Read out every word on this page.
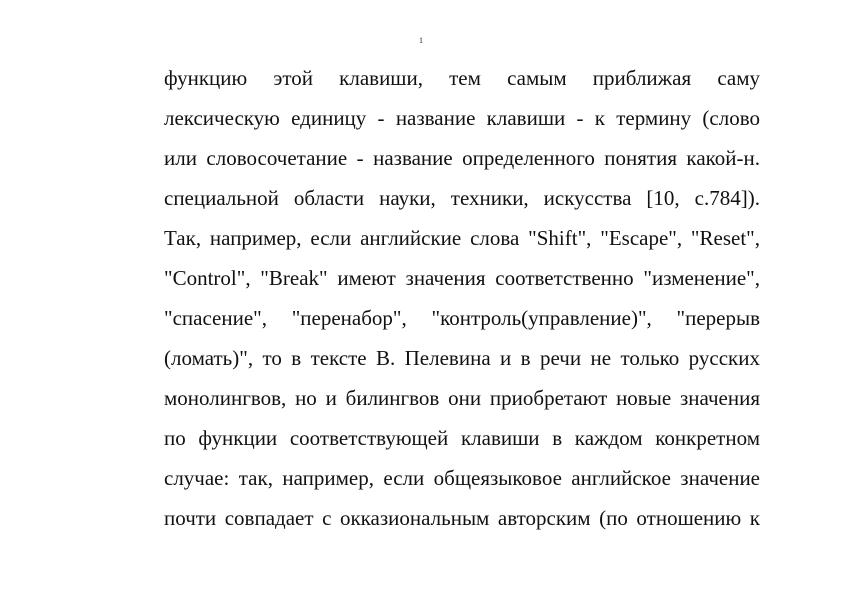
1
функцию этой клавиши, тем самым приближая саму
лексическую единицу - название клавиши - к термину (слово
или словосочетание - название определенного понятия какой-н.
специальной области науки, техники, искусства [10, с.784]).
Так, например, если английские слова "Shift", "Escape", "Reset",
"Control", "Break" имеют значения соответственно "изменение",
"спасение", "перенабор", "контроль(управление)", "перерыв
(ломать)", то в тексте В. Пелевина и в речи не только русских
монолингвов, но и билингвов они приобретают новые значения
по функции соответствующей клавиши в каждом конкретном
случае: так, например, если общеязыковое английское значение
почти совпадает с окказиональным авторским (по отношению к
